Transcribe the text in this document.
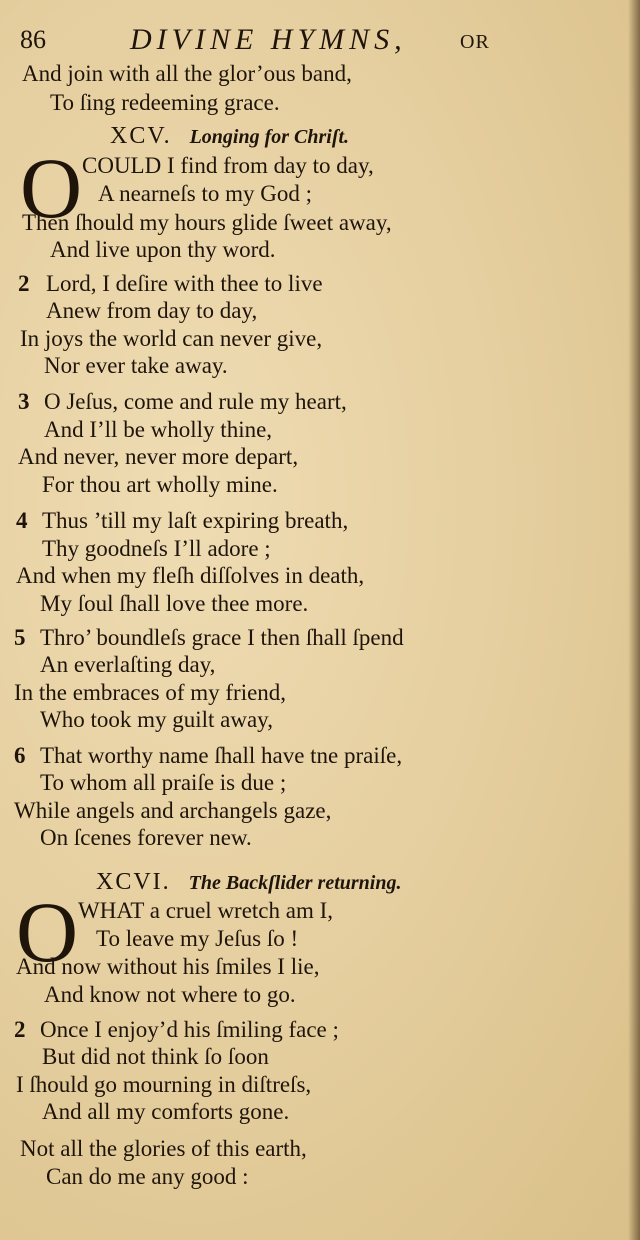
86	DIVINE HYMNS,	OR
And join with all the glor’ous band,
To ſing redeeming grace.
XCV. Longing for Chriſt.
O COULD I find from day to day,
A nearneſs to my God ;
Then ſhould my hours glide ſweet away,
And live upon thy word.
2 Lord, I deſire with thee to live
Anew from day to day,
In joys the world can never give,
Nor ever take away.
3 O Jeſus, come and rule my heart,
And I’ll be wholly thine,
And never, never more depart,
For thou art wholly mine.
4 Thus ’till my laſt expiring breath,
Thy goodneſs I’ll adore ;
And when my fleſh diſſolves in death,
My ſoul ſhall love thee more.
5 Thro’ boundleſs grace I then ſhall ſpend
An everlaſting day,
In the embraces of my friend,
Who took my guilt away,
6 That worthy name ſhall have tne praiſe,
To whom all praiſe is due ;
While angels and archangels gaze,
On ſcenes forever new.
XCVI. The Backſlider returning.
O WHAT a cruel wretch am I,
To leave my Jeſus ſo !
And now without his ſmiles I lie,
And know not where to go.
2 Once I enjoy’d his ſmiling face ;
But did not think ſo ſoon
I ſhould go mourning in diſtreſs,
And all my comforts gone.
Not all the glories of this earth,
Can do me any good :
